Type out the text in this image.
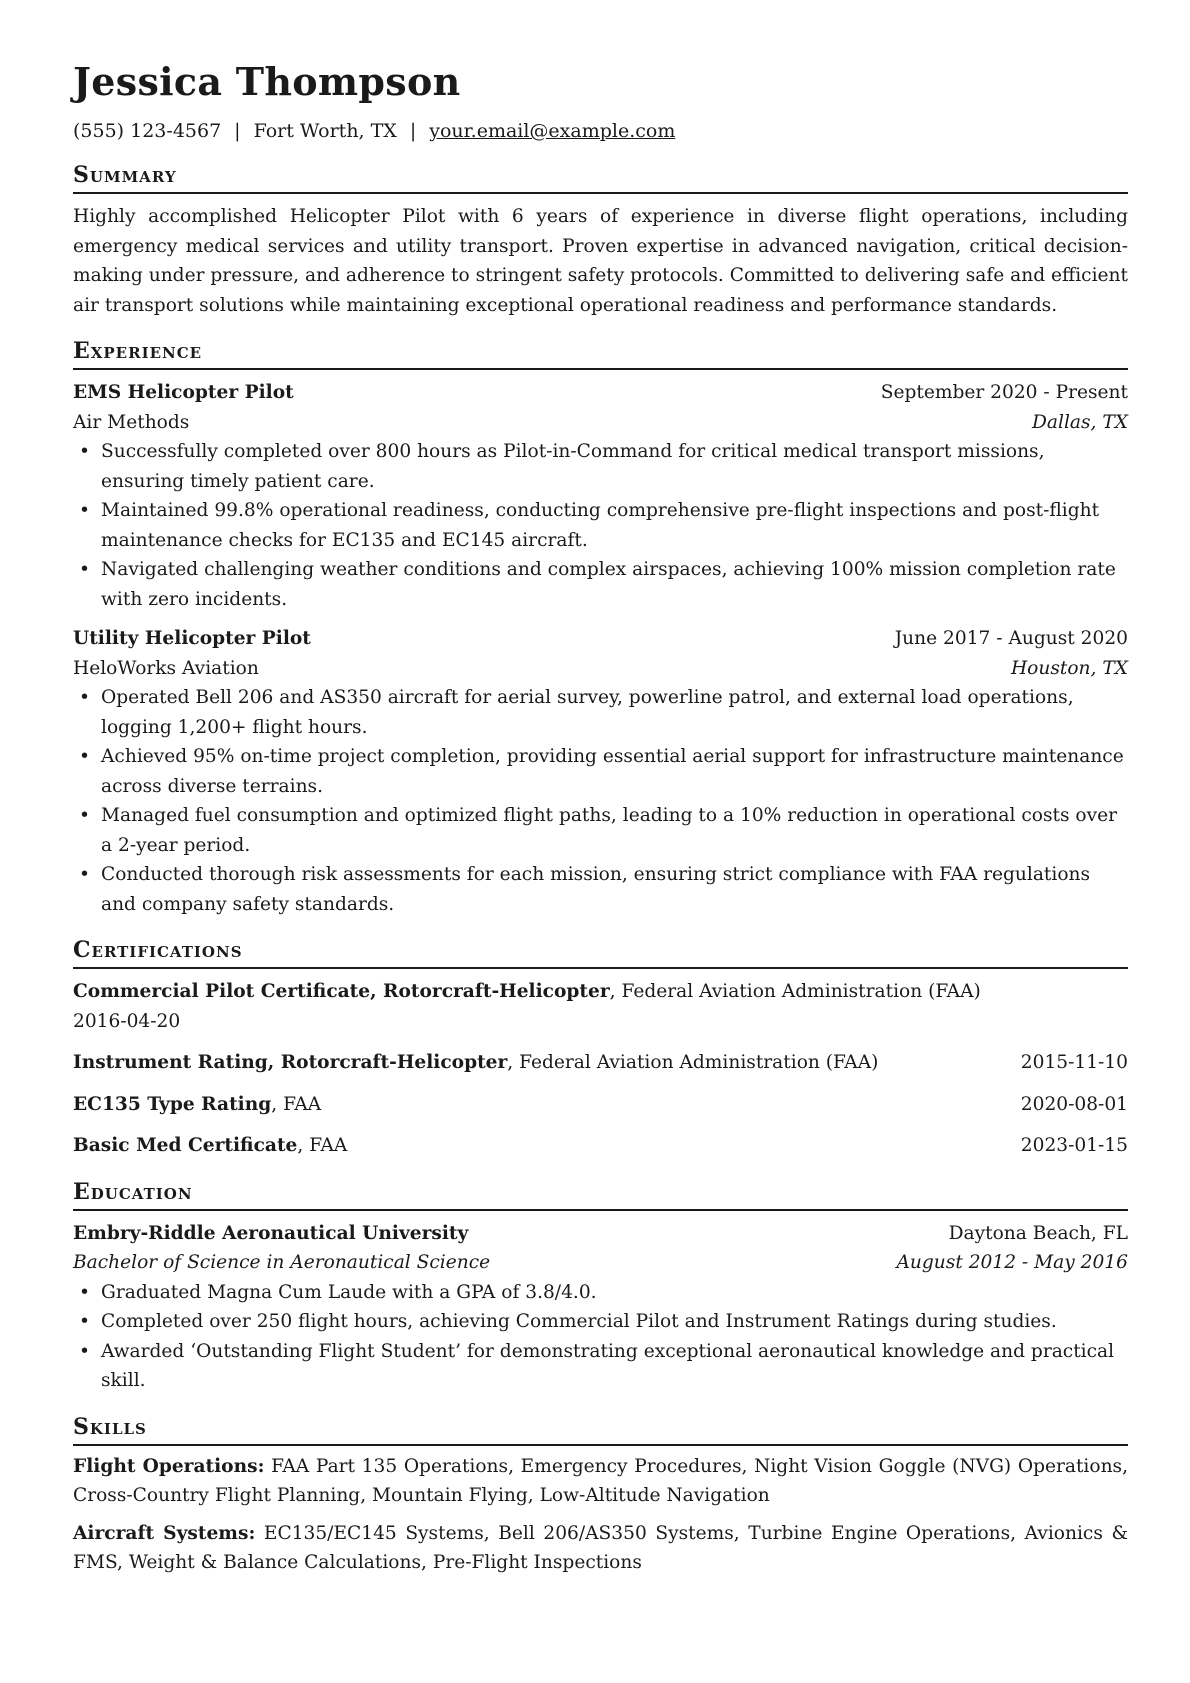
Jessica Thompson
(555) 123-4567 | Fort Worth, TX | your.email@example.com
Summary
Highly accomplished Helicopter Pilot with 6 years of experience in diverse flight operations, including emergency medical services and utility transport. Proven expertise in advanced navigation, critical decision-making under pressure, and adherence to stringent safety protocols. Committed to delivering safe and efficient air transport solutions while maintaining exceptional operational readiness and performance standards.
Experience
EMS Helicopter Pilot	September 2020 - Present
Air Methods	Dallas, TX
• Successfully completed over 800 hours as Pilot-in-Command for critical medical transport missions, ensuring timely patient care.
• Maintained 99.8% operational readiness, conducting comprehensive pre-flight inspections and post-flight maintenance checks for EC135 and EC145 aircraft.
• Navigated challenging weather conditions and complex airspaces, achieving 100% mission completion rate with zero incidents.
Utility Helicopter Pilot	June 2017 - August 2020
HeloWorks Aviation	Houston, TX
• Operated Bell 206 and AS350 aircraft for aerial survey, powerline patrol, and external load operations, logging 1,200+ flight hours.
• Achieved 95% on-time project completion, providing essential aerial support for infrastructure maintenance across diverse terrains.
• Managed fuel consumption and optimized flight paths, leading to a 10% reduction in operational costs over a 2-year period.
• Conducted thorough risk assessments for each mission, ensuring strict compliance with FAA regulations and company safety standards.
Certifications
Commercial Pilot Certificate, Rotorcraft-Helicopter, Federal Aviation Administration (FAA)
2016-04-20
Instrument Rating, Rotorcraft-Helicopter, Federal Aviation Administration (FAA)	2015-11-10
EC135 Type Rating, FAA	2020-08-01
Basic Med Certificate, FAA	2023-01-15
Education
Embry-Riddle Aeronautical University	Daytona Beach, FL
Bachelor of Science in Aeronautical Science	August 2012 - May 2016
• Graduated Magna Cum Laude with a GPA of 3.8/4.0.
• Completed over 250 flight hours, achieving Commercial Pilot and Instrument Ratings during studies.
• Awarded ‘Outstanding Flight Student’ for demonstrating exceptional aeronautical knowledge and practical skill.
Skills
Flight Operations: FAA Part 135 Operations, Emergency Procedures, Night Vision Goggle (NVG) Operations, Cross-Country Flight Planning, Mountain Flying, Low-Altitude Navigation
Aircraft Systems: EC135/EC145 Systems, Bell 206/AS350 Systems, Turbine Engine Operations, Avionics & FMS, Weight & Balance Calculations, Pre-Flight Inspections
